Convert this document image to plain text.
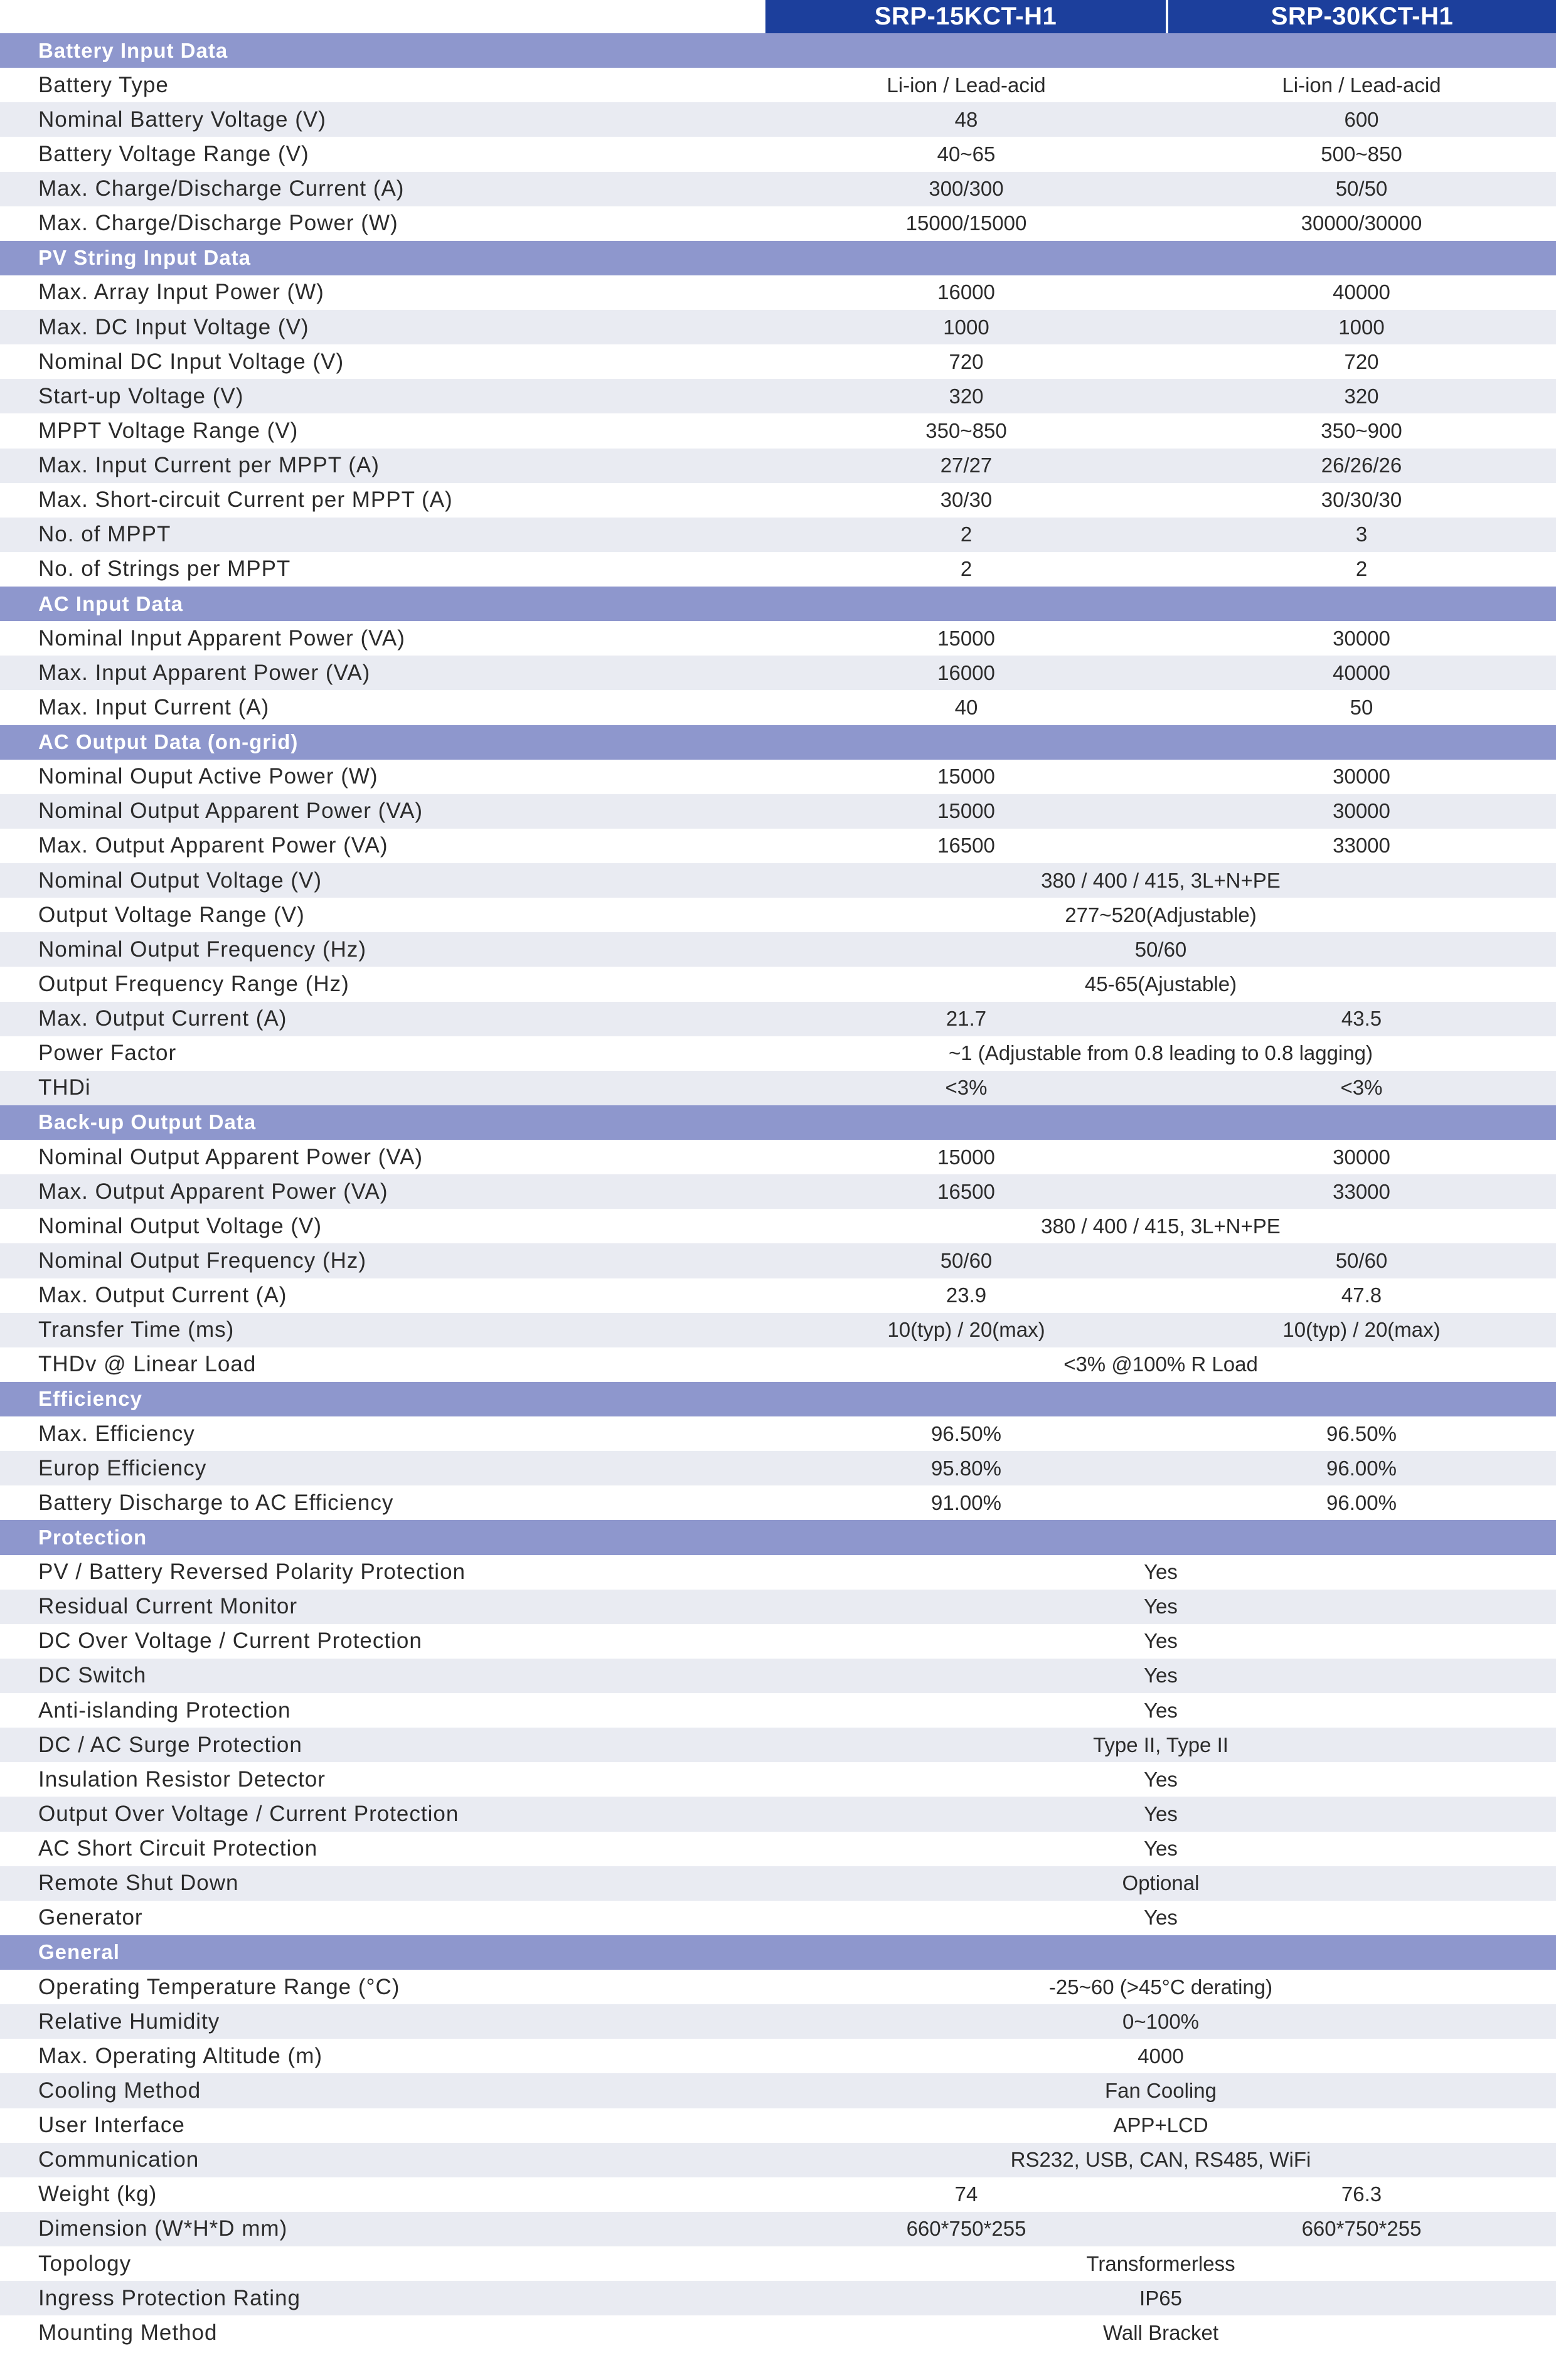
SRP-15KCT-H1	SRP-30KCT-H1
Battery Input Data
Battery Type	Li-ion / Lead-acid	Li-ion / Lead-acid
Nominal Battery Voltage (V)	48	600
Battery Voltage Range (V)	40~65	500~850
Max. Charge/Discharge Current (A)	300/300	50/50
Max. Charge/Discharge Power (W)	15000/15000	30000/30000
PV String Input Data
Max. Array Input Power (W)	16000	40000
Max. DC Input Voltage (V)	1000	1000
Nominal DC Input Voltage (V)	720	720
Start-up Voltage (V)	320	320
MPPT Voltage Range (V)	350~850	350~900
Max. Input Current per MPPT (A)	27/27	26/26/26
Max. Short-circuit Current per MPPT (A)	30/30	30/30/30
No. of MPPT	2	3
No. of Strings per MPPT	2	2
AC Input Data
Nominal Input Apparent Power (VA)	15000	30000
Max. Input Apparent Power (VA)	16000	40000
Max. Input Current (A)	40	50
AC Output Data (on-grid)
Nominal Ouput Active Power (W)	15000	30000
Nominal Output Apparent Power (VA)	15000	30000
Max. Output Apparent Power (VA)	16500	33000
Nominal Output Voltage (V)	380 / 400 / 415, 3L+N+PE
Output Voltage Range (V)	277~520(Adjustable)
Nominal Output Frequency (Hz)	50/60
Output Frequency Range (Hz)	45-65(Ajustable)
Max. Output Current (A)	21.7	43.5
Power Factor	~1 (Adjustable from 0.8 leading to 0.8 lagging)
THDi	<3%	<3%
Back-up Output Data
Nominal Output Apparent Power (VA)	15000	30000
Max. Output Apparent Power (VA)	16500	33000
Nominal Output Voltage (V)	380 / 400 / 415, 3L+N+PE
Nominal Output Frequency (Hz)	50/60	50/60
Max. Output Current (A)	23.9	47.8
Transfer Time (ms)	10(typ) / 20(max)	10(typ) / 20(max)
THDv @ Linear Load	<3% @100% R Load
Efficiency
Max. Efficiency	96.50%	96.50%
Europ Efficiency	95.80%	96.00%
Battery Discharge to AC Efficiency	91.00%	96.00%
Protection
PV / Battery Reversed Polarity Protection	Yes
Residual Current Monitor	Yes
DC Over Voltage / Current Protection	Yes
DC Switch	Yes
Anti-islanding Protection	Yes
DC / AC Surge Protection	Type II, Type II
Insulation Resistor Detector	Yes
Output Over Voltage / Current Protection	Yes
AC Short Circuit Protection	Yes
Remote Shut Down	Optional
Generator	Yes
General
Operating Temperature Range (°C)	-25~60 (>45°C derating)
Relative Humidity	0~100%
Max. Operating Altitude (m)	4000
Cooling Method	Fan Cooling
User Interface	APP+LCD
Communication	RS232, USB, CAN, RS485, WiFi
Weight (kg)	74	76.3
Dimension (W*H*D mm)	660*750*255	660*750*255
Topology	Transformerless
Ingress Protection Rating	IP65
Mounting Method	Wall Bracket
